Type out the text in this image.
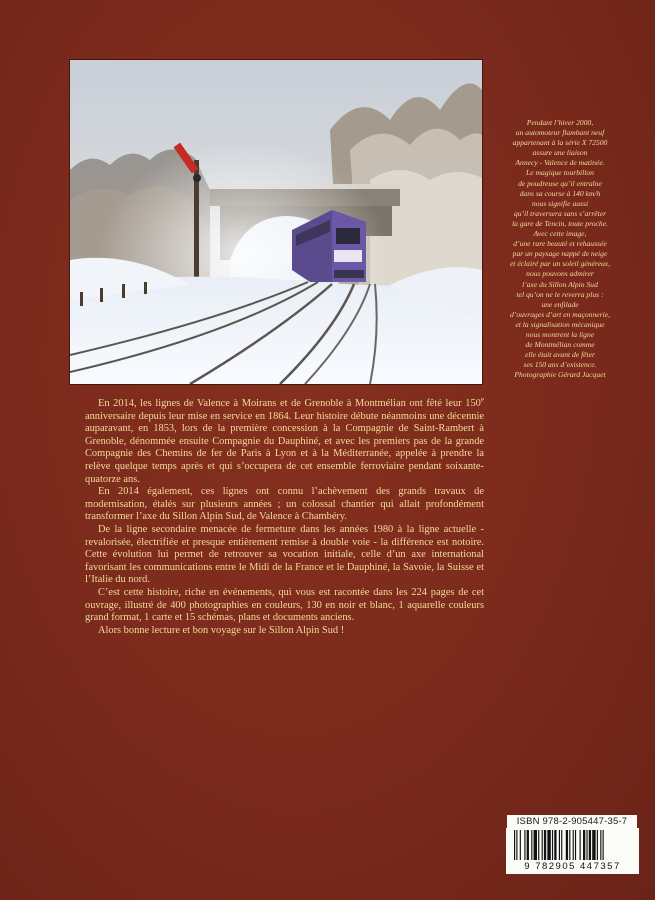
Pendant l’hiver 2000,
un automoteur flambant neuf
appartenant à la série X 72500
assure une liaison
Annecy - Valence de matinée.
Le magique tourbillon
de poudreuse qu’il entraîne
dans sa course à 140 km/h
nous signifie aussi
qu’il traversera sans s’arrêter
la gare de Tencin, toute proche.
Avec cette image,
d’une rare beauté et rehaussée
par un paysage nappé de neige
et éclairé par un soleil généreux,
nous pouvons admirer
l’axe du Sillon Alpin Sud
tel qu’on ne le reverra plus :
une enfilade
d’ouvrages d’art en maçonnerie,
et la signalisation mécanique
nous montrent la ligne
de Montmélian comme
elle était avant de fêter
ses 150 ans d’existence.
Photographie Gérard Jacquet

En 2014, les lignes de Valence à Moirans et de Grenoble à Montmélian ont fêté leur 150e anniversaire depuis leur mise en service en 1864. Leur histoire débute néanmoins une décennie auparavant, en 1853, lors de la première concession à la Compagnie de Saint-Rambert à Grenoble, dénommée ensuite Compagnie du Dauphiné, et avec les premiers pas de la grande Compagnie des Chemins de fer de Paris à Lyon et à la Méditerranée, appelée à prendre la relève quelque temps après et qui s’occupera de cet ensemble ferroviaire pendant soixante-quatorze ans.

En 2014 également, ces lignes ont connu l’achèvement des grands travaux de modernisation, étalés sur plusieurs années ; un colossal chantier qui allait profondément transformer l’axe du Sillon Alpin Sud, de Valence à Chambéry.

De la ligne secondaire menacée de fermeture dans les années 1980 à la ligne actuelle - revalorisée, électrifiée et presque entièrement remise à double voie - la différence est notoire. Cette évolution lui permet de retrouver sa vocation initiale, celle d’un axe international favorisant les communications entre le Midi de la France et le Dauphiné, la Savoie, la Suisse et l’Italie du nord.

C’est cette histoire, riche en événements, qui vous est racontée dans les 224 pages de cet ouvrage, illustré de 400 photographies en couleurs, 130 en noir et blanc, 1 aquarelle couleurs grand format, 1 carte et 15 schémas, plans et documents anciens.

Alors bonne lecture et bon voyage sur le Sillon Alpin Sud !

ISBN 978-2-905447-35-7
9 782905 447357
